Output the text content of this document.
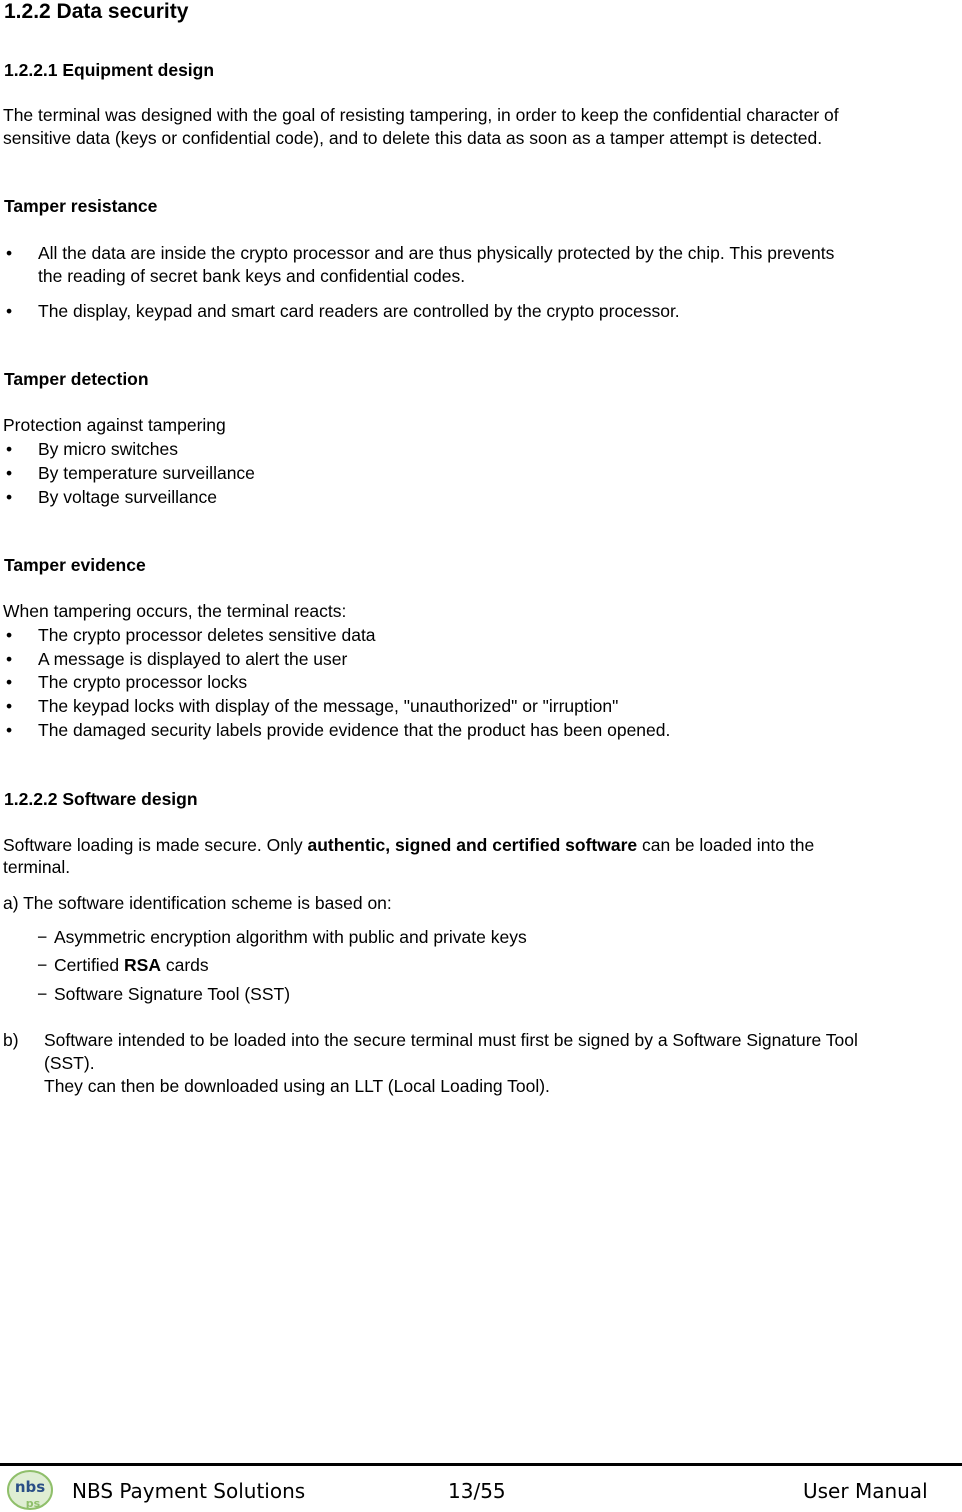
1.2.2 Data security
1.2.2.1 Equipment design
The terminal was designed with the goal of resisting tampering, in order to keep the confidential character of
sensitive data (keys or confidential code), and to delete this data as soon as a tamper attempt is detected.
Tamper resistance
• All the data are inside the crypto processor and are thus physically protected by the chip. This prevents
the reading of secret bank keys and confidential codes.
• The display, keypad and smart card readers are controlled by the crypto processor.
Tamper detection
Protection against tampering
• By micro switches
• By temperature surveillance
• By voltage surveillance
Tamper evidence
When tampering occurs, the terminal reacts:
• The crypto processor deletes sensitive data
• A message is displayed to alert the user
• The crypto processor locks
• The keypad locks with display of the message, "unauthorized" or "irruption"
• The damaged security labels provide evidence that the product has been opened.
1.2.2.2 Software design
Software loading is made secure. Only authentic, signed and certified software can be loaded into the
terminal.
a) The software identification scheme is based on:
− Asymmetric encryption algorithm with public and private keys
− Certified RSA cards
− Software Signature Tool (SST)
b) Software intended to be loaded into the secure terminal must first be signed by a Software Signature Tool
(SST).
They can then be downloaded using an LLT (Local Loading Tool).
nbs
ps
NBS Payment Solutions	13/55	User Manual
